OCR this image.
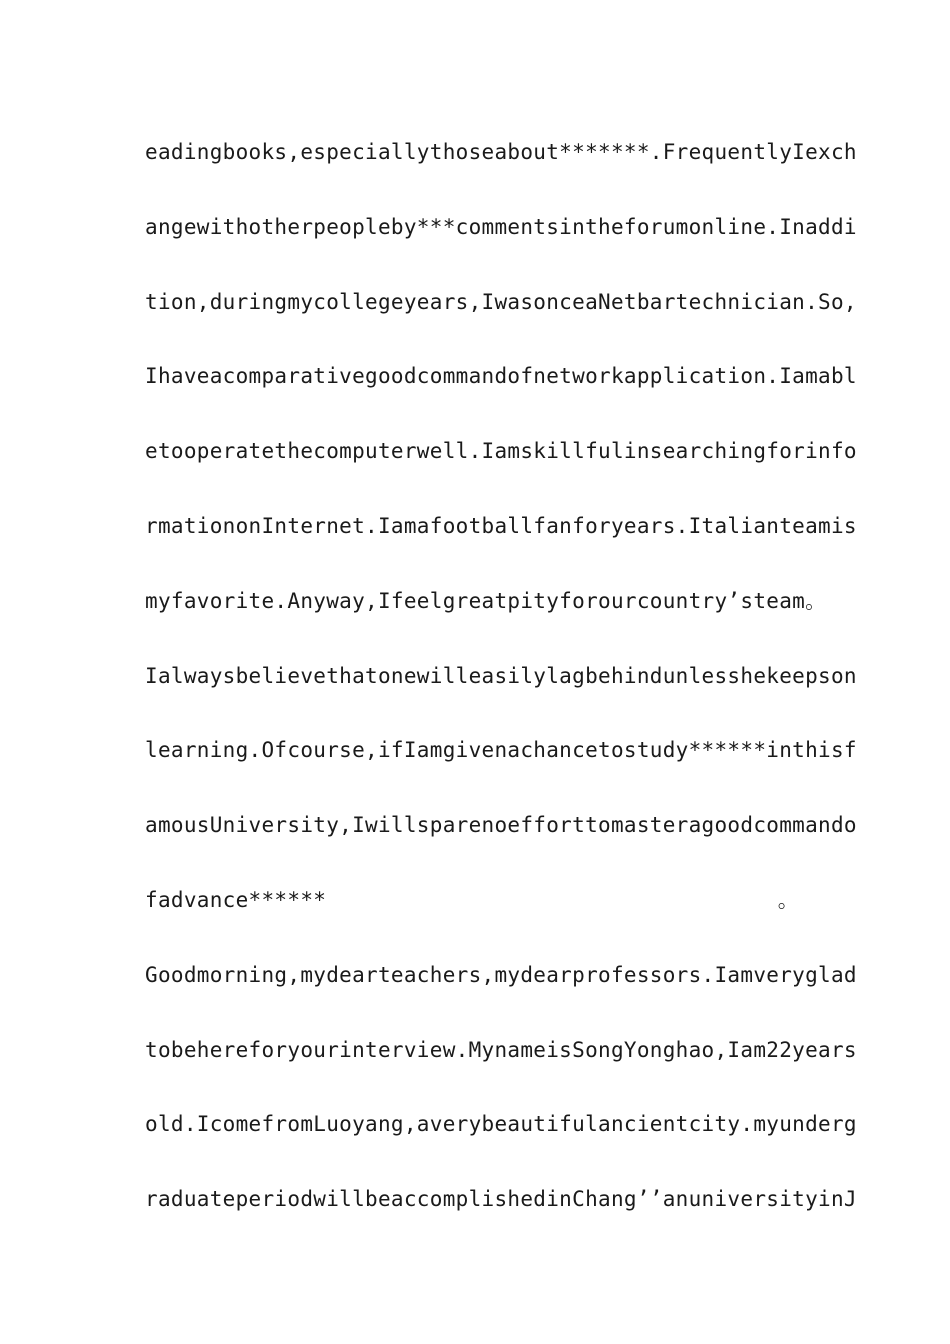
eadingbooks,especiallythoseabout*******.FrequentlyIexch
angewithotherpeopleby***commentsintheforumonline.Inaddi
tion,duringmycollegeyears,IwasonceaNetbartechnician.So,
Ihaveacomparativegoodcommandofnetworkapplication.Iamabl
etooperatethecomputerwell.Iamskillfulinsearchingforinfo
rmationonInternet.Iamafootballfanforyears.Italianteamis
myfavorite.Anyway,Ifeelgreatpityforourcountry’steam 。
Ialwaysbelievethatonewilleasilylagbehindunlesshekeepson
learning.Ofcourse,ifIamgivenachancetostudy******inthisf
amousUniversity,Iwillsparenoefforttomasteragoodcommando
fadvance******	。
Goodmorning,mydearteachers,mydearprofessors.Iamveryglad
tobehereforyourinterview.MynameisSongYonghao,Iam22years
old.IcomefromLuoyang,averybeautifulancientcity.myunderg
raduateperiodwillbeaccomplishedinChang’’anuniversityinJ
